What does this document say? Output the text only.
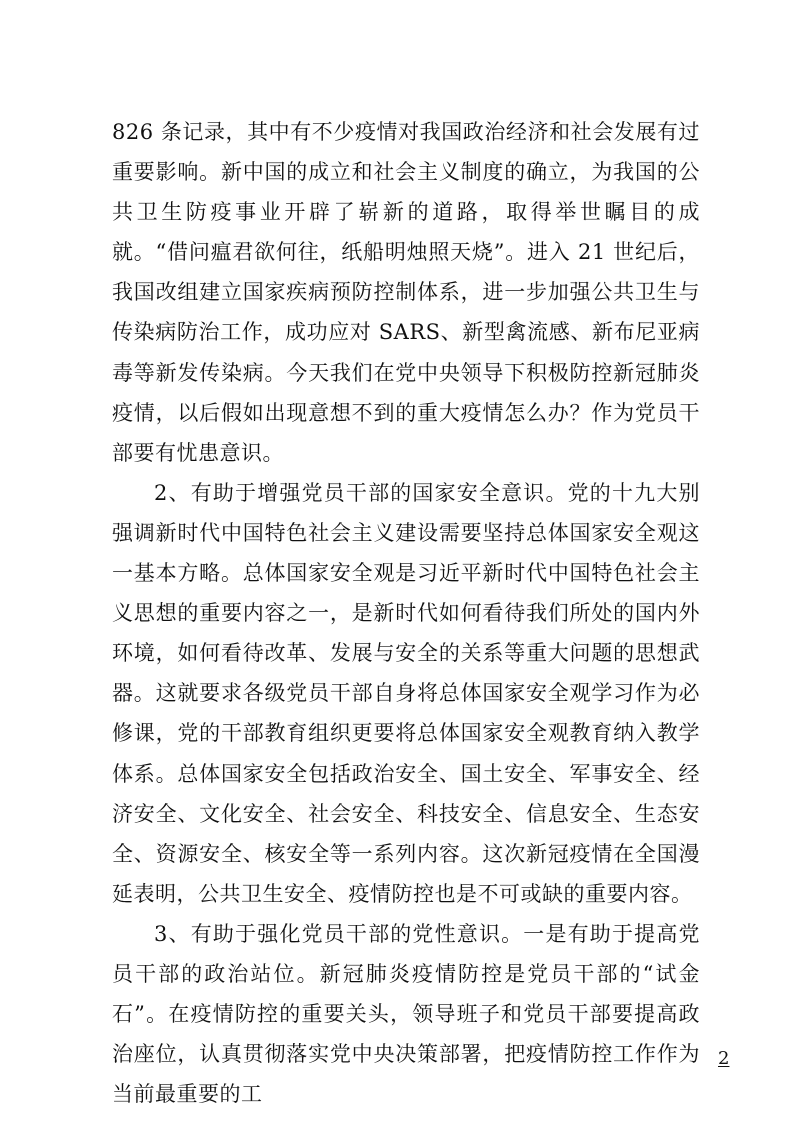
826 条记录，其中有不少疫情对我国政治经济和社会发展有过重要影响。新中国的成立和社会主义制度的确立，为我国的公共卫生防疫事业开辟了崭新的道路，取得举世瞩目的成就。“借问瘟君欲何往，纸船明烛照天烧”。进入 21 世纪后，我国改组建立国家疾病预防控制体系，进一步加强公共卫生与传染病防治工作，成功应对 SARS、新型禽流感、新布尼亚病毒等新发传染病。今天我们在党中央领导下积极防控新冠肺炎疫情，以后假如出现意想不到的重大疫情怎么办？作为党员干部要有忧患意识。

2、有助于增强党员干部的国家安全意识。党的十九大别强调新时代中国特色社会主义建设需要坚持总体国家安全观这一基本方略。总体国家安全观是习近平新时代中国特色社会主义思想的重要内容之一，是新时代如何看待我们所处的国内外环境，如何看待改革、发展与安全的关系等重大问题的思想武器。这就要求各级党员干部自身将总体国家安全观学习作为必修课，党的干部教育组织更要将总体国家安全观教育纳入教学体系。总体国家安全包括政治安全、国土安全、军事安全、经济安全、文化安全、社会安全、科技安全、信息安全、生态安全、资源安全、核安全等一系列内容。这次新冠疫情在全国漫延表明，公共卫生安全、疫情防控也是不可或缺的重要内容。

3、有助于强化党员干部的党性意识。一是有助于提高党员干部的政治站位。新冠肺炎疫情防控是党员干部的“试金石”。在疫情防控的重要关头，领导班子和党员干部要提高政治座位，认真贯彻落实党中央决策部署，把疫情防控工作作为当前最重要的工

2
